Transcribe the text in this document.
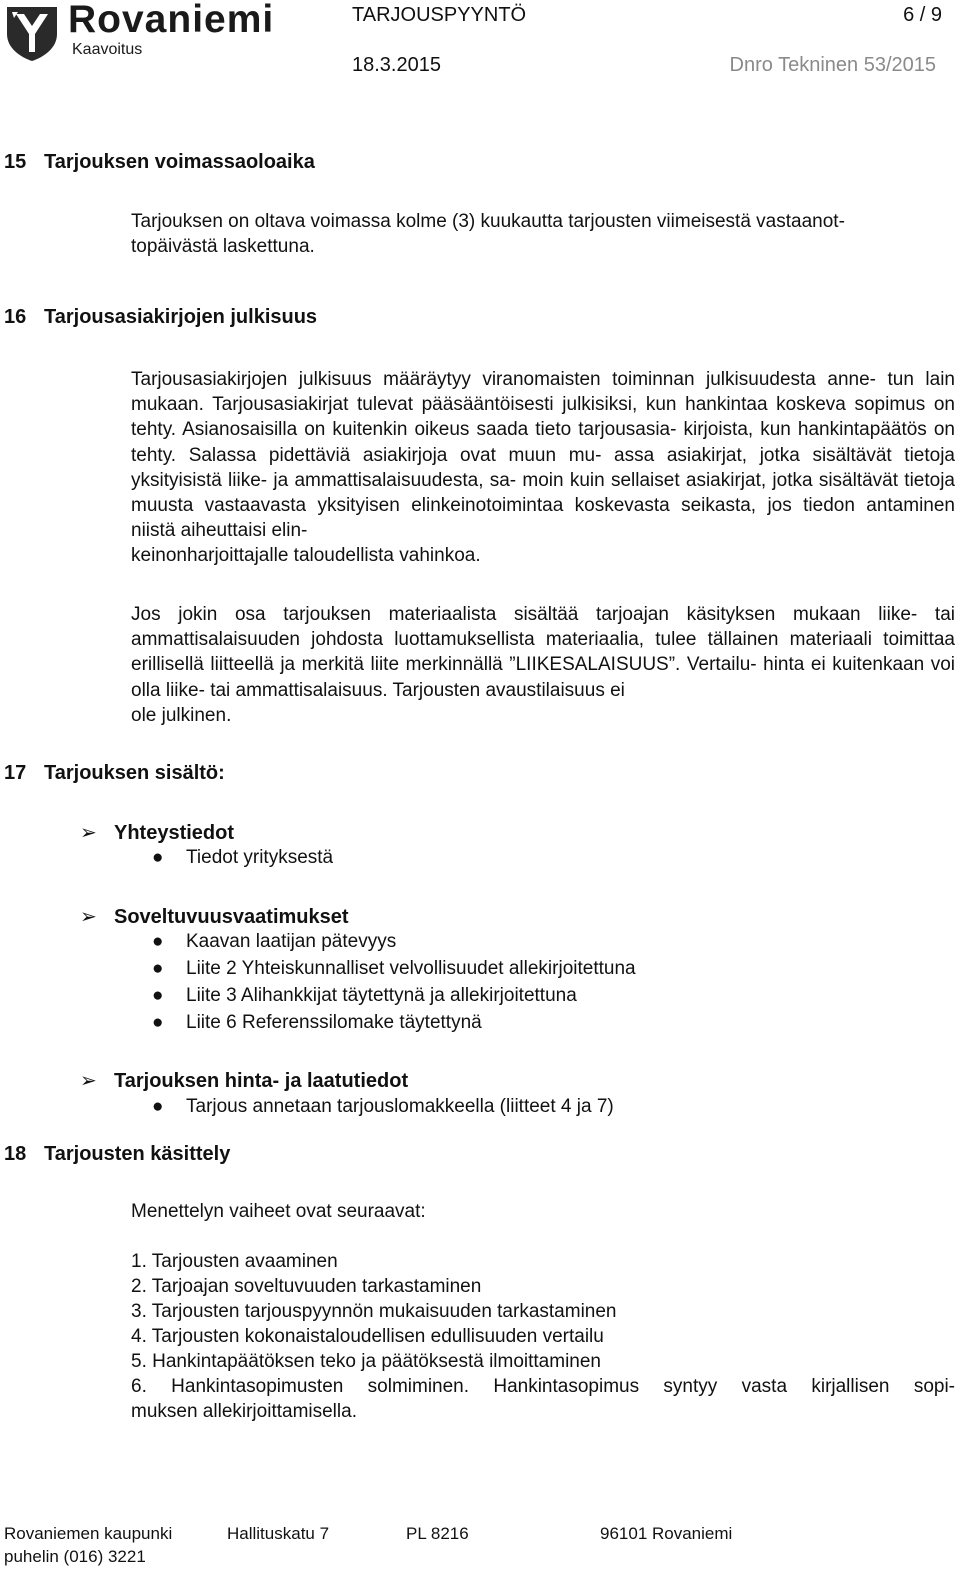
Rovaniemi
Kaavoitus
TARJOUSPYYNTÖ	6 / 9
18.3.2015	Dnro Tekninen 53/2015
15 Tarjouksen voimassaoloaika
Tarjouksen on oltava voimassa kolme (3) kuukautta tarjousten viimeisestä vastaanot-
topäivästä laskettuna.
16 Tarjousasiakirjojen julkisuus
Tarjousasiakirjojen julkisuus määräytyy viranomaisten toiminnan julkisuudesta anne- tun lain mukaan. Tarjousasiakirjat tulevat pääsääntöisesti julkisiksi, kun hankintaa koskeva sopimus on tehty. Asianosaisilla on kuitenkin oikeus saada tieto tarjousasia- kirjoista, kun hankintapäätös on tehty. Salassa pidettäviä asiakirjoja ovat muun mu- assa asiakirjat, jotka sisältävät tietoja yksityisistä liike- ja ammattisalaisuudesta, sa- moin kuin sellaiset asiakirjat, jotka sisältävät tietoja muusta vastaavasta yksityisen elinkeinotoimintaa koskevasta seikasta, jos tiedon antaminen niistä aiheuttaisi elin-
keinonharjoittajalle taloudellista vahinkoa.
Jos jokin osa tarjouksen materiaalista sisältää tarjoajan käsityksen mukaan liike- tai ammattisalaisuuden johdosta luottamuksellista materiaalia, tulee tällainen materiaali toimittaa erillisellä liitteellä ja merkitä liite merkinnällä ”LIIKESALAISUUS”. Vertailu- hinta ei kuitenkaan voi olla liike- tai ammattisalaisuus. Tarjousten avaustilaisuus ei
ole julkinen.
17 Tarjouksen sisältö:
➢ Yhteystiedot
● Tiedot yrityksestä
➢ Soveltuvuusvaatimukset
● Kaavan laatijan pätevyys
● Liite 2 Yhteiskunnalliset velvollisuudet allekirjoitettuna
● Liite 3 Alihankkijat täytettynä ja allekirjoitettuna
● Liite 6 Referenssilomake täytettynä
➢ Tarjouksen hinta- ja laatutiedot
● Tarjous annetaan tarjouslomakkeella (liitteet 4 ja 7)
18 Tarjousten käsittely
Menettelyn vaiheet ovat seuraavat:
1. Tarjousten avaaminen
2. Tarjoajan soveltuvuuden tarkastaminen
3. Tarjousten tarjouspyynnön mukaisuuden tarkastaminen
4. Tarjousten kokonaistaloudellisen edullisuuden vertailu
5. Hankintapäätöksen teko ja päätöksestä ilmoittaminen
6. Hankintasopimusten solmiminen. Hankintasopimus syntyy vasta kirjallisen sopi-
muksen allekirjoittamisella.
Rovaniemen kaupunki	Hallituskatu 7	PL 8216	96101 Rovaniemi
puhelin (016) 3221
